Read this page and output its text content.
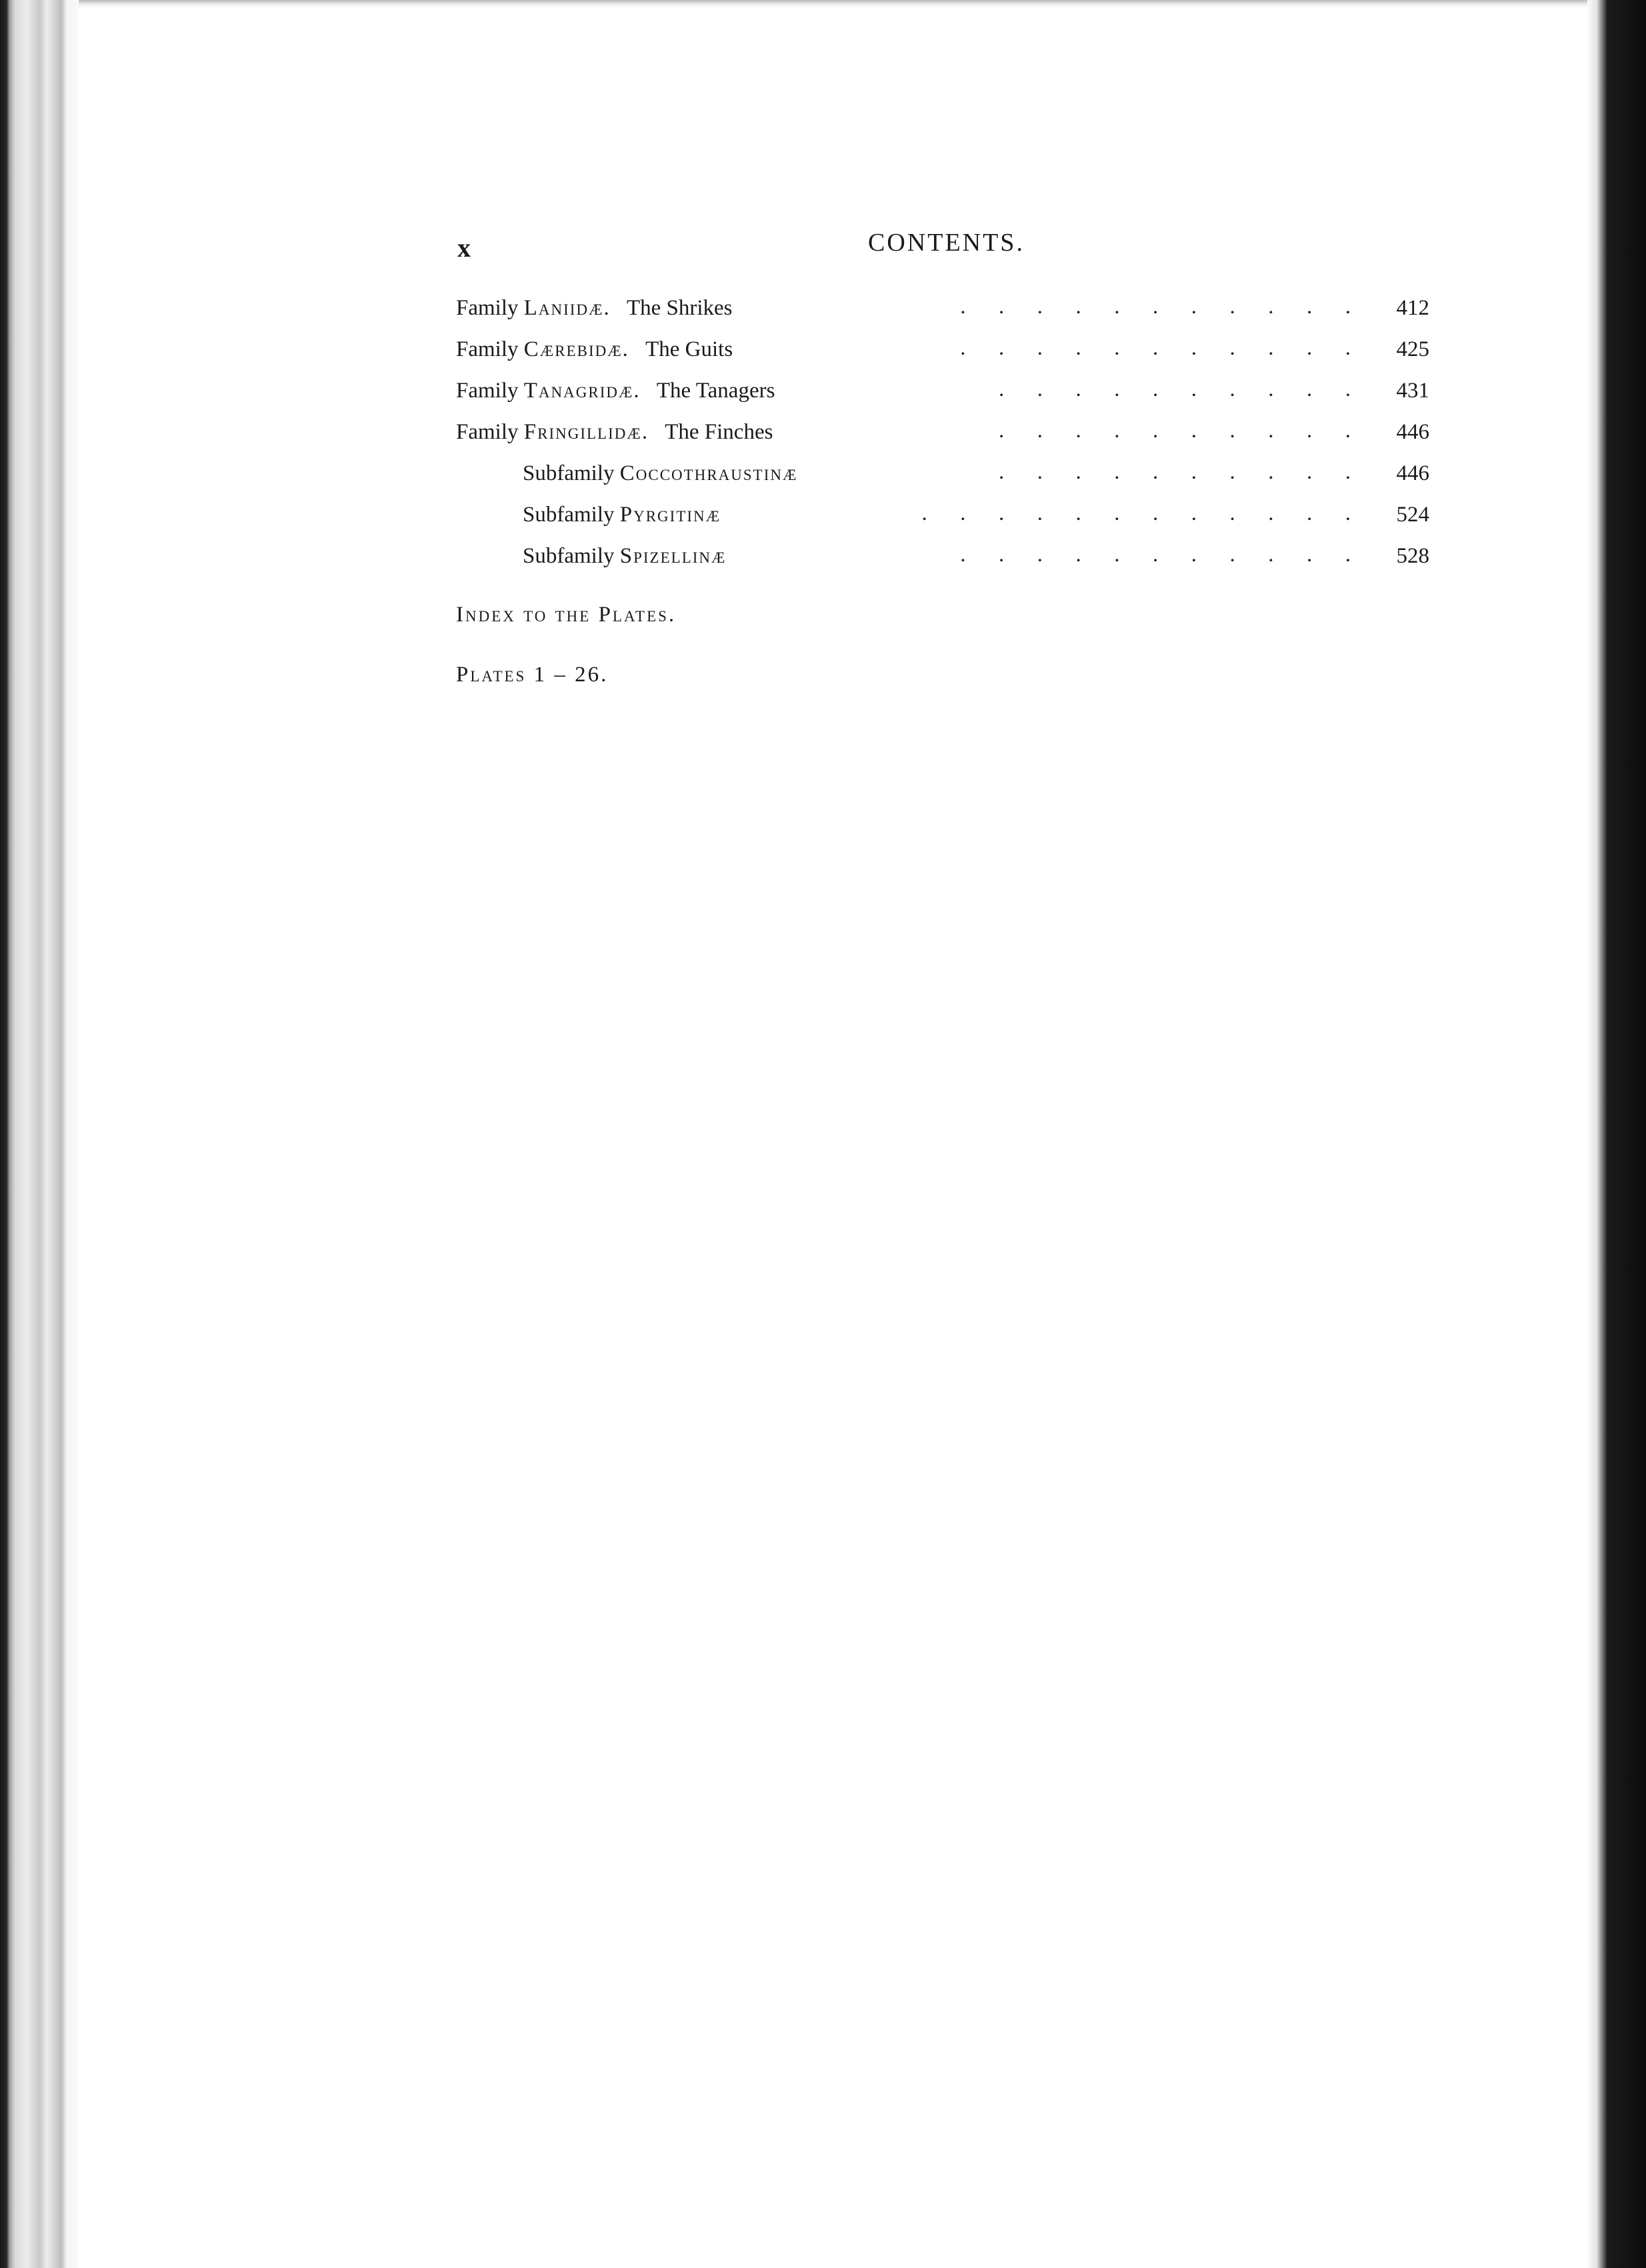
x	CONTENTS.
Family Laniidæ. The Shrikes	.      .      .      .      .      .      .      .      .      .      .	412
Family Cærebidæ. The Guits	.      .      .      .      .      .      .      .      .      .      .	425
Family Tanagridæ. The Tanagers	.      .      .      .      .      .      .      .      .      .	431
Family Fringillidæ. The Finches	.      .      .      .      .      .      .      .      .      .	446
Subfamily Coccothraustinæ	.      .      .      .      .      .      .      .      .      .	446
Subfamily Pyrgitinæ	.      .      .      .      .      .      .      .      .      .      .      .	524
Subfamily Spizellinæ	.      .      .      .      .      .      .      .      .      .      .	528
Index to the Plates.
Plates 1 – 26.
